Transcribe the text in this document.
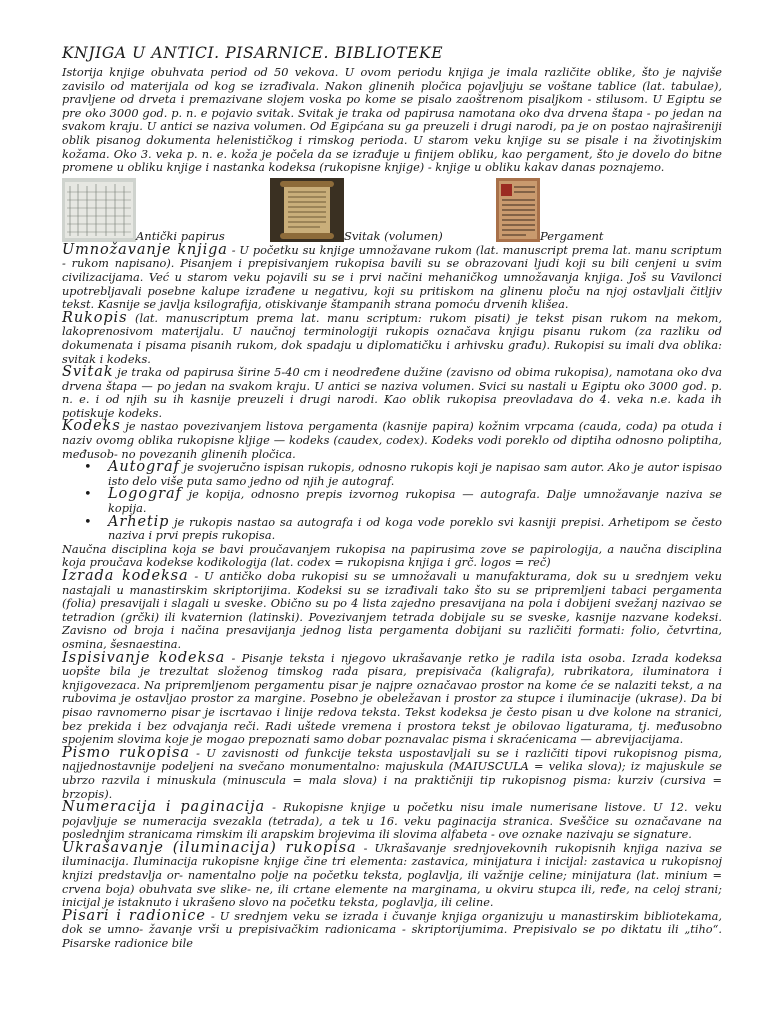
KNJIGA U ANTICI. PISARNICE. BIBLIOTEKE

Istorija knjige obuhvata period od 50 vekova. U ovom periodu knjiga je imala različite oblike, što je najviše zavisilo od materijala od kog se izrađivala. Nakon glinenih pločica pojavljuju se voštane tablice (lat. tabulae), pravljene od drveta i premazivane slojem voska po kome se pisalo zaoštrenom pisaljkom - stilusom. U Egiptu se pre oko 3000 god. p. n. e pojavio svitak. Svitak je traka od papirusa namotana oko dva drvena štapa - po jedan na svakom kraju. U antici se naziva volumen. Od Egipćana su ga preuzeli i drugi narodi, pa je on postao najrašireniji oblik pisanog dokumenta helenističkog i rimskog perioda. U starom veku knjige su se pisale i na životinjskim kožama. Oko 3. veka p. n. e. koža je počela da se izrađuje u finijem obliku, kao pergament, što je dovelo do bitne promene u obliku knjige i nastanka kodeksa (rukopisne knjige) - knjige u obliku kakav danas poznajemo.

Antički papirus	Svitak (volumen)	Pergament

Umnožavanje knjiga - U početku su knjige umnožavane rukom (lat. manuscript prema lat. manu scriptum - rukom napisano). Pisanjem i prepisivanjem rukopisa bavili su se obrazovani ljudi koji su bili cenjeni u svim civilizacijama. Već u starom veku pojavili su se i prvi načini mehaničkog umnožavanja knjiga. Još su Vavilonci upotrebljavali posebne kalupe izrađene u negativu, koji su pritiskom na glinenu ploču na njoj ostavljali čitljiv tekst. Kasnije se javlja ksilografija, otiskivanje štampanih strana pomoću drvenih klišea.

Rukopis (lat. manuscriptum prema lat. manu scriptum: rukom pisati) je tekst pisan rukom na mekom, lakoprenosivom materijalu. U naučnoj terminologiji rukopis označava knjigu pisanu rukom (za razliku od dokumenata i pisama pisanih rukom, dok spadaju u diplomatičku i arhivsku građu). Rukopisi su imali dva oblika: svitak i kodeks.

Svitak je traka od papirusa širine 5-40 cm i neodređene dužine (zavisno od obima rukopisa), namotana oko dva drvena štapa — po jedan na svakom kraju. U antici se naziva volumen. Svici su nastali u Egiptu oko 3000 god. p. n. e. i od njih su ih kasnije preuzeli i drugi narodi. Kao oblik rukopisa preovladava do 4. veka n.e. kada ih potiskuje kodeks.

Kodeks je nastao povezivanjem listova pergamenta (kasnije papira) kožnim vrpcama (cauda, coda) pa otuda i naziv ovomg oblika rukopisne kljige — kodeks (caudex, codex). Kodeks vodi poreklo od diptiha odnosno poliptiha, međusob- no povezanih glinenih pločica.

• Autograf je svojeručno ispisan rukopis, odnosno rukopis koji je napisao sam autor. Ako je autor ispisao isto delo više puta samo jedno od njih je autograf.
• Logograf je kopija, odnosno prepis izvornog rukopisa — autografa. Dalje umnožavanje naziva se kopija.
• Arhetip je rukopis nastao sa autografa i od koga vode poreklo svi kasniji prepisi. Arhetipom se često naziva i prvi prepis rukopisa.

Naučna disciplina koja se bavi proučavanjem rukopisa na papirusima zove se papirologija, a naučna disciplina koja proučava kodekse kodikologija (lat. codex = rukopisna knjiga i grč. logos = reč)

Izrada kodeksa - U antičko doba rukopisi su se umnožavali u manufakturama, dok su u srednjem veku nastajali u manastirskim skriptorijima. Kodeksi su se izrađivali tako što su se pripremljeni tabaci pergamenta (folia) presavijali i slagali u sveske. Obično su po 4 lista zajedno presavijana na pola i dobijeni svežanj nazivao se tetradion (grčki) ili kvaternion (latinski). Povezivanjem tetrada dobijale su se sveske, kasnije nazvane kodeksi. Zavisno od broja i načina presavijanja jednog lista pergamenta dobijani su različiti formati: folio, četvrtina, osmina, šesnaestina.

Ispisivanje kodeksa - Pisanje teksta i njegovo ukrašavanje retko je radila ista osoba. Izrada kodeksa uopšte bila je trezultat složenog timskog rada pisara, prepisivača (kaligrafa), rubrikatora, iluminatora i knjigovezaca. Na pripremljenom pergamentu pisar je najpre označavao prostor na kome će se nalaziti tekst, a na rubovima je ostavljao prostor za margine. Posebno je obeležavan i prostor za stupce i iluminacije (ukrase). Da bi pisao ravnomerno pisar je iscrtavao i linije redova teksta. Tekst kodeksa je često pisan u dve kolone na stranici, bez prekida i bez odvajanja reči. Radi uštede vremena i prostora tekst je obilovao ligaturama, tj. međusobno spojenim slovima koje je mogao prepoznati samo dobar poznavalac pisma i skraćenicama — abrevijacijama.

Pismo rukopisa - U zavisnosti od funkcije teksta uspostavljali su se i različiti tipovi rukopisnog pisma, najjednostavnije podeljeni na svečano monumentalno: majuskula (MAIUSCULA = velika slova); iz majuskule se ubrzo razvila i minuskula (minuscula = mala slova) i na praktičniji tip rukopisnog pisma: kurziv (cursiva = brzopis).

Numeracija i paginacija - Rukopisne knjige u početku nisu imale numerisane listove. U 12. veku pojavljuje se numeracija svezakla (tetrada), a tek u 16. veku paginacija stranica. Sveščice su označavane na poslednjim stranicama rimskim ili arapskim brojevima ili slovima alfabeta - ove oznake nazivaju se signature.

Ukrašavanje (iluminacija) rukopisa - Ukrašavanje srednjovekovnih rukopisnih knjiga naziva se iluminacija. Iluminacija rukopisne knjige čine tri elementa: zastavica, minijatura i inicijal: zastavica u rukopisnoj knjizi predstavlja or- namentalno polje na početku teksta, poglavlja, ili važnije celine; minijatura (lat. minium = crvena boja) obuhvata sve slike- ne, ili crtane elemente na marginama, u okviru stupca ili, ređe, na celoj strani; inicijal je istaknuto i ukrašeno slovo na početku teksta, poglavlja, ili celine.

Pisari i radionice - U srednjem veku se izrada i čuvanje knjiga organizuju u manastirskim bibliotekama, dok se umno- žavanje vrši u prepisivačkim radionicama - skriptorijumima. Prepisivalo se po diktatu ili „tiho“. Pisarske radionice bile
